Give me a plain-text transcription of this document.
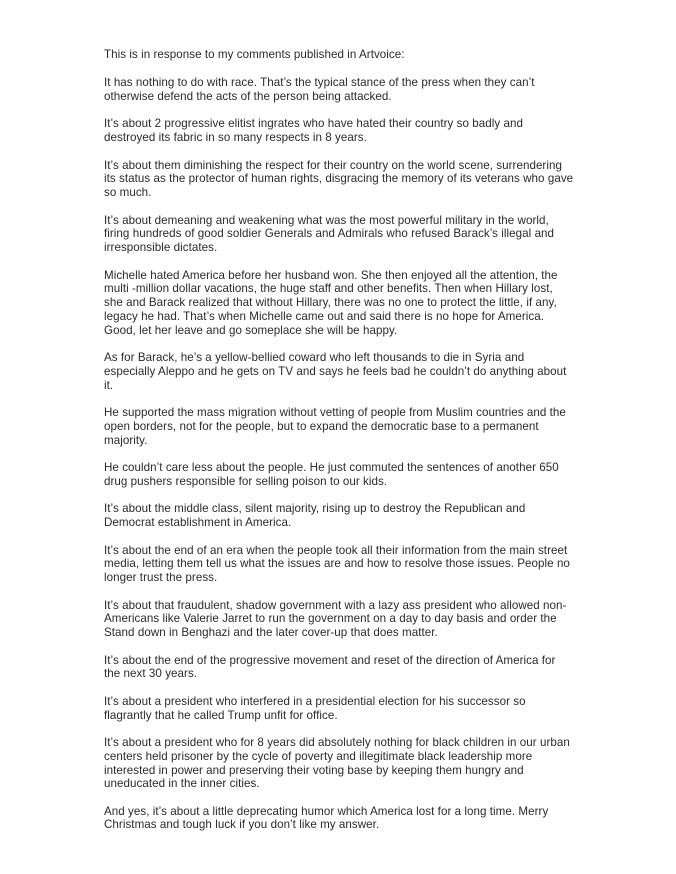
This is in response to my comments published in Artvoice:

It has nothing to do with race. That’s the typical stance of the press when they can’t otherwise defend the acts of the person being attacked.

It’s about 2 progressive elitist ingrates who have hated their country so badly and destroyed its fabric in so many respects in 8 years.

It’s about them diminishing the respect for their country on the world scene, surrendering its status as the protector of human rights, disgracing the memory of its veterans who gave so much.

It’s about demeaning and weakening what was the most powerful military in the world, firing hundreds of good soldier Generals and Admirals who refused Barack’s illegal and irresponsible dictates.

Michelle hated America before her husband won. She then enjoyed all the attention, the multi -million dollar vacations, the huge staff and other benefits. Then when Hillary lost, she and Barack realized that without Hillary, there was no one to protect the little, if any, legacy he had. That’s when Michelle came out and said there is no hope for America. Good, let her leave and go someplace she will be happy.

As for Barack, he’s a yellow-bellied coward who left thousands to die in Syria and especially Aleppo and he gets on TV and says he feels bad he couldn’t do anything about it.

He supported the mass migration without vetting of people from Muslim countries and the open borders, not for the people, but to expand the democratic base to a permanent majority.

He couldn’t care less about the people. He just commuted the sentences of another 650 drug pushers responsible for selling poison to our kids.

It’s about the middle class, silent majority, rising up to destroy the Republican and Democrat establishment in America.

It’s about the end of an era when the people took all their information from the main street media, letting them tell us what the issues are and how to resolve those issues. People no longer trust the press.

It’s about that fraudulent, shadow government with a lazy ass president who allowed non-Americans like Valerie Jarret to run the government on a day to day basis and order the Stand down in Benghazi and the later cover-up that does matter.

It’s about the end of the progressive movement and reset of the direction of America for the next 30 years.

It’s about a president who interfered in a presidential election for his successor so flagrantly that he called Trump unfit for office.

It’s about a president who for 8 years did absolutely nothing for black children in our urban centers held prisoner by the cycle of poverty and illegitimate black leadership more interested in power and preserving their voting base by keeping them hungry and uneducated in the inner cities.

And yes, it’s about a little deprecating humor which America lost for a long time. Merry Christmas and tough luck if you don’t like my answer.
